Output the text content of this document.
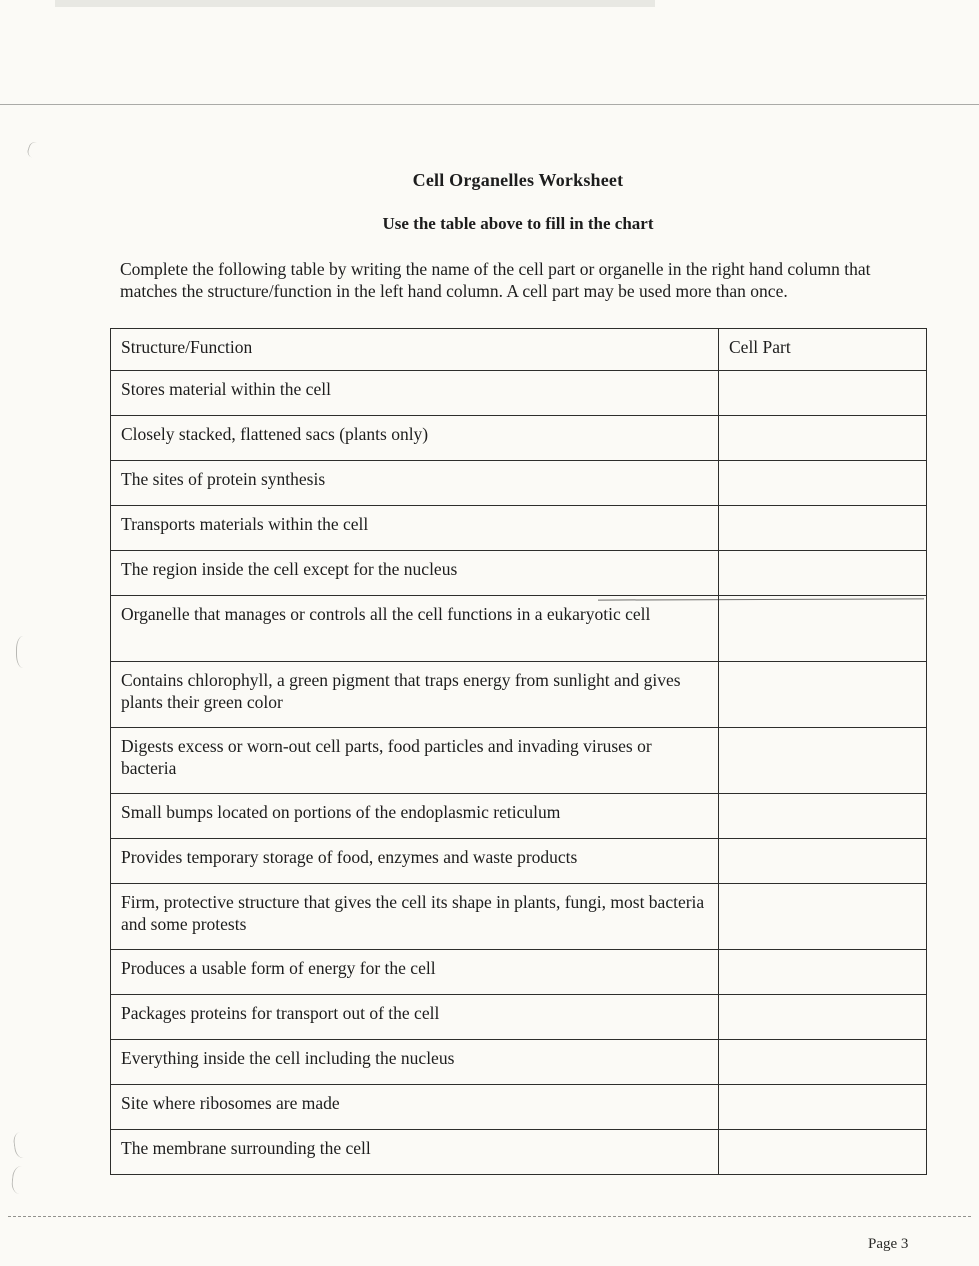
Cell Organelles Worksheet
Use the table above to fill in the chart
Complete the following table by writing the name of the cell part or organelle in the right hand column that matches the structure/function in the left hand column. A cell part may be used more than once.
Structure/Function	Cell Part
Stores material within the cell	
Closely stacked, flattened sacs (plants only)	
The sites of protein synthesis	
Transports materials within the cell	
The region inside the cell except for the nucleus	
Organelle that manages or controls all the cell functions in a eukaryotic cell	
Contains chlorophyll, a green pigment that traps energy from sunlight and gives plants their green color	
Digests excess or worn-out cell parts, food particles and invading viruses or bacteria	
Small bumps located on portions of the endoplasmic reticulum	
Provides temporary storage of food, enzymes and waste products	
Firm, protective structure that gives the cell its shape in plants, fungi, most bacteria and some protests	
Produces a usable form of energy for the cell	
Packages proteins for transport out of the cell	
Everything inside the cell including the nucleus	
Site where ribosomes are made	
The membrane surrounding the cell	
Page 3
